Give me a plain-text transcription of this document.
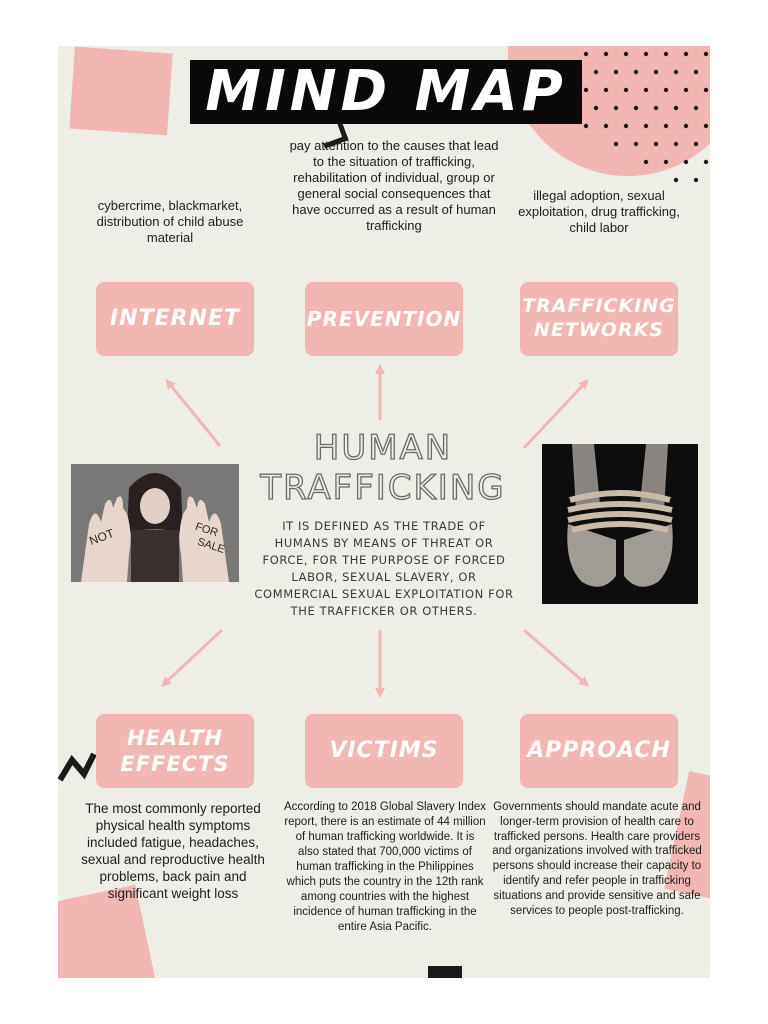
MIND MAP
cybercrime, blackmarket, distribution of child abuse material
pay attention to the causes that lead to the situation of trafficking, rehabilitation of individual, group or general social consequences that have occurred as a result of human trafficking
illegal adoption, sexual exploitation, drug trafficking, child labor
INTERNET	PREVENTION
TRAFFICKING
NETWORKS
HUMAN
TRAFFICKING
IT IS DEFINED AS THE TRADE OF HUMANS BY MEANS OF THREAT OR FORCE, FOR THE PURPOSE OF FORCED LABOR, SEXUAL SLAVERY, OR COMMERCIAL SEXUAL EXPLOITATION FOR THE TRAFFICKER OR OTHERS.
NOT	FOR
SALE
HEALTH
EFFECTS
VICTIMS	APPROACH
The most commonly reported physical health symptoms included fatigue, headaches, sexual and reproductive health problems, back pain and significant weight loss
According to 2018 Global Slavery Index report, there is an estimate of 44 million of human trafficking worldwide. It is also stated that 700,000 victims of human trafficking in the Philippines which puts the country in the 12th rank among countries with the highest incidence of human trafficking in the entire Asia Pacific.
Governments should mandate acute and longer-term provision of health care to trafficked persons. Health care providers and organizations involved with trafficked persons should increase their capacity to identify and refer people in trafficking situations and provide sensitive and safe services to people post-trafficking.
